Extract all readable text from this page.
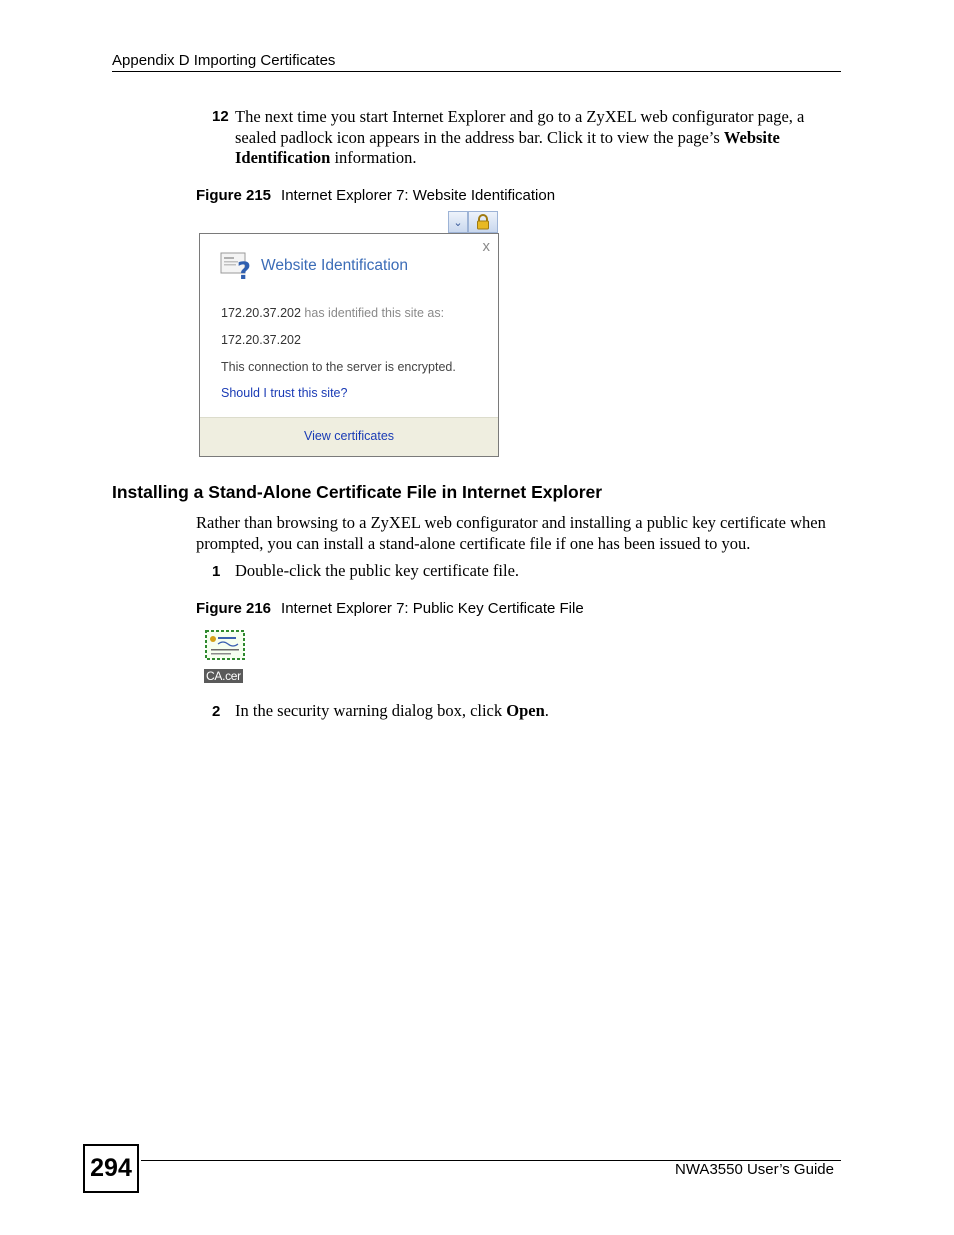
Appendix D Importing Certificates
12 The next time you start Internet Explorer and go to a ZyXEL web configurator page, a sealed padlock icon appears in the address bar. Click it to view the page’s Website Identification information.
Figure 215 Internet Explorer 7: Website Identification
⌄
x
? Website Identification
172.20.37.202 has identified this site as:
172.20.37.202
This connection to the server is encrypted.
Should I trust this site?
View certificates
Installing a Stand-Alone Certificate File in Internet Explorer
Rather than browsing to a ZyXEL web configurator and installing a public key certificate when prompted, you can install a stand-alone certificate file if one has been issued to you.
1 Double-click the public key certificate file.
Figure 216 Internet Explorer 7: Public Key Certificate File
CA.cer
2 In the security warning dialog box, click Open.
294	NWA3550 User’s Guide
